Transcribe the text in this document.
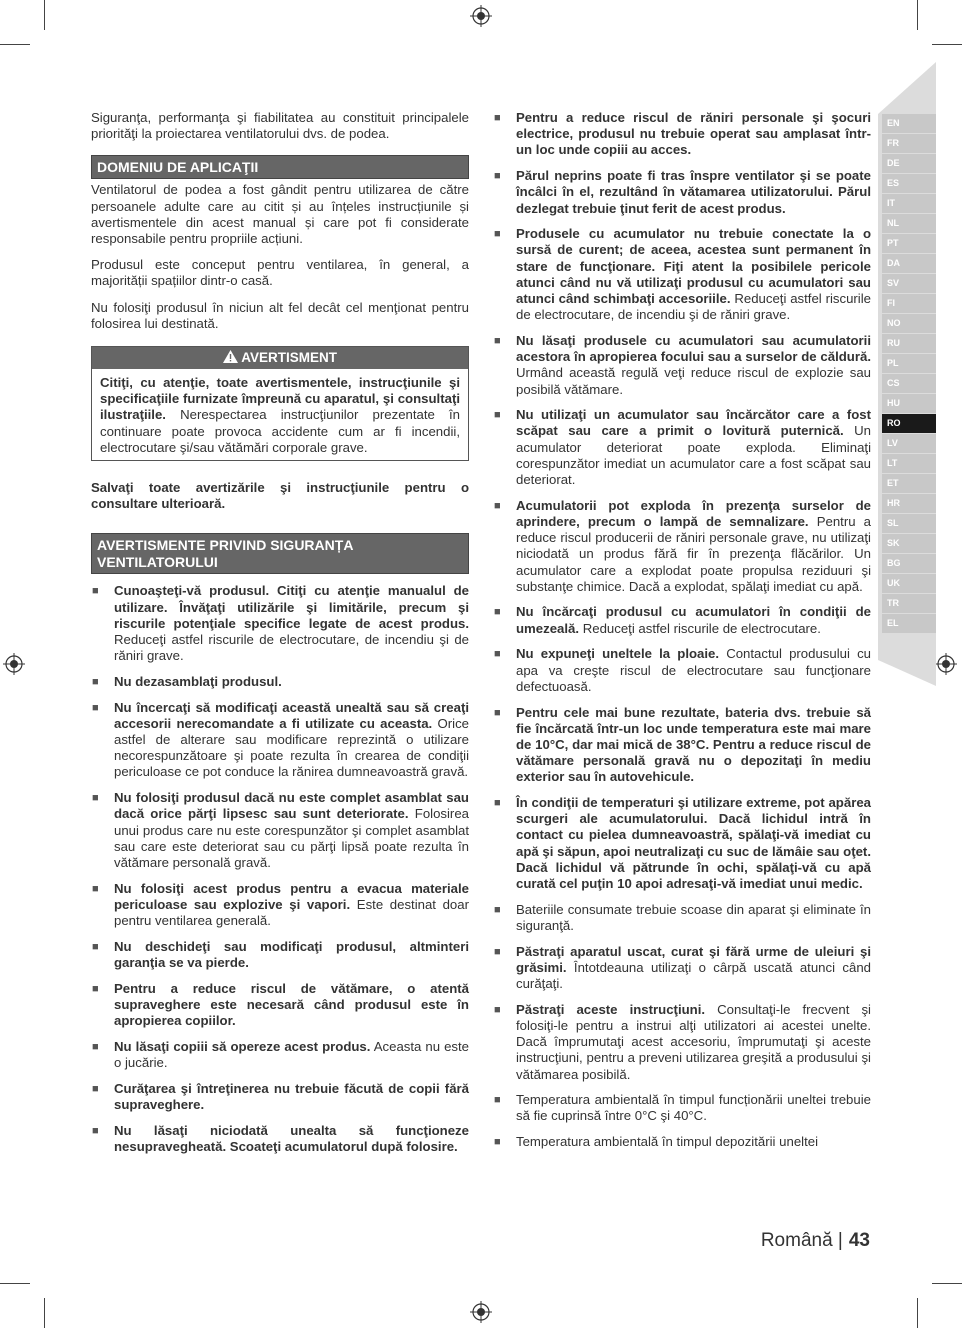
Siguranţa, performanţa şi fiabilitatea au constituit principalele priorităţi la proiectarea ventilatorului dvs. de podea.

DOMENIU DE APLICAŢII

Ventilatorul de podea a fost gândit pentru utilizarea de către persoanele adulte care au citit și au înțeles instrucțiunile și avertismentele din acest manual și care pot fi considerate responsabile pentru propriile acțiuni.

Produsul este conceput pentru ventilarea, în general, a majorității spațiilor dintr-o casă.

Nu folosiţi produsul în niciun alt fel decât cel menţionat pentru folosirea lui destinată.

AVERTISMENT
Citiţi, cu atenţie, toate avertismentele, instrucţiunile şi specificaţiile furnizate împreună cu aparatul, şi consultaţi ilustraţiile. Nerespectarea instrucţiunilor prezentate în continuare poate provoca accidente cum ar fi incendii, electrocutare şi/sau vătămări corporale grave.

Salvaţi toate avertizările şi instrucţiunile pentru o consultare ulterioară.

AVERTISMENTE PRIVIND SIGURANȚA VENTILATORULUI
■ Cunoaşteţi-vă produsul. Citiţi cu atenţie manualul de utilizare. Învăţaţi utilizările şi limitările, precum şi riscurile potenţiale specifice legate de acest produs. Reduceţi astfel riscurile de electrocutare, de incendiu şi de răniri grave.
■ Nu dezasamblaţi produsul.
■ Nu încercaţi să modificaţi această unealtă sau să creaţi accesorii nerecomandate a fi utilizate cu aceasta. Orice astfel de alterare sau modificare reprezintă o utilizare necorespunzătoare şi poate rezulta în crearea de condiţii periculoase ce pot conduce la rănirea dumneavoastră gravă.
■ Nu folosiţi produsul dacă nu este complet asamblat sau dacă orice părţi lipsesc sau sunt deteriorate. Folosirea unui produs care nu este corespunzător şi complet asamblat sau care este deteriorat sau cu părţi lipsă poate rezulta în vătămare personală gravă.
■ Nu folosiţi acest produs pentru a evacua materiale periculoase sau explozive şi vapori. Este destinat doar pentru ventilarea generală.
■ Nu deschideţi sau modificaţi produsul, altminteri garanţia se va pierde.
■ Pentru a reduce riscul de vătămare, o atentă supraveghere este necesară când produsul este în apropierea copiilor.
■ Nu lăsaţi copiii să opereze acest produs. Aceasta nu este o jucărie.
■ Curăţarea şi întreţinerea nu trebuie făcută de copii fără supraveghere.
■ Nu lăsaţi niciodată unealta să funcţioneze nesupravegheată. Scoateţi acumulatorul după folosire.
■ Pentru a reduce riscul de răniri personale şi şocuri electrice, produsul nu trebuie operat sau amplasat într-un loc unde copiii au acces.
■ Părul neprins poate fi tras înspre ventilator şi se poate încâlci în el, rezultând în vătamarea utilizatorului. Părul dezlegat trebuie ţinut ferit de acest produs.
■ Produsele cu acumulator nu trebuie conectate la o sursă de curent; de aceea, acestea sunt permanent în stare de funcţionare. Fiţi atent la posibilele pericole atunci când nu vă utilizaţi produsul cu acumulatori sau atunci când schimbaţi accesoriile. Reduceţi astfel riscurile de electrocutare, de incendiu şi de răniri grave.
■ Nu lăsaţi produsele cu acumulatori sau acumulatorii acestora în apropierea focului sau a surselor de căldură. Urmând această regulă veţi reduce riscul de explozie sau posibilă vătămare.
■ Nu utilizaţi un acumulator sau încărcător care a fost scăpat sau care a primit o lovitură puternică. Un acumulator deteriorat poate exploda. Eliminaţi corespunzător imediat un acumulator care a fost scăpat sau deteriorat.
■ Acumulatorii pot exploda în prezenţa surselor de aprindere, precum o lampă de semnalizare. Pentru a reduce riscul producerii de răniri personale grave, nu utilizaţi niciodată un produs fără fir în prezenţa flăcărilor. Un acumulator care a explodat poate propulsa reziduuri şi substanţe chimice. Dacă a explodat, spălaţi imediat cu apă.
■ Nu încărcaţi produsul cu acumulatori în condiţii de umezeală. Reduceţi astfel riscurile de electrocutare.
■ Nu expuneţi uneltele la ploaie. Contactul produsului cu apa va creşte riscul de electrocutare sau funcţionare defectuoasă.
■ Pentru cele mai bune rezultate, bateria dvs. trebuie să fie încărcată într-un loc unde temperatura este mai mare de 10°C, dar mai mică de 38°C. Pentru a reduce riscul de vătămare personală gravă nu o depozitaţi în mediu exterior sau în autovehicule.
■ În condiţii de temperaturi şi utilizare extreme, pot apărea scurgeri ale acumulatorului. Dacă lichidul intră în contact cu pielea dumneavoastră, spălaţi-vă imediat cu apă şi săpun, apoi neutralizaţi cu suc de lămâie sau oţet. Dacă lichidul vă pătrunde în ochi, spălaţi-vă cu apă curată cel puţin 10 apoi adresaţi-vă imediat unui medic.
■ Bateriile consumate trebuie scoase din aparat şi eliminate în siguranţă.
■ Păstraţi aparatul uscat, curat şi fără urme de uleiuri şi grăsimi. Întotdeauna utilizaţi o cârpă uscată atunci când curăţaţi.
■ Păstraţi aceste instrucţiuni. Consultaţi-le frecvent şi folosiţi-le pentru a instrui alţi utilizatori ai acestei unelte. Dacă împrumutaţi acest accesoriu, împrumutaţi şi aceste instrucţiuni, pentru a preveni utilizarea greşită a produsului şi vătămarea posibilă.
■ Temperatura ambientală în timpul funcționării uneltei trebuie să fie cuprinsă între 0°C şi 40°C.
■ Temperatura ambientală în timpul depozitării uneltei
EN
FR
DE
ES
IT
NL
PT
DA
SV
FI
NO
RU
PL
CS
HU
RO
LV
LT
ET
HR
SL
SK
BG
UK
TR
EL
Română | 43
